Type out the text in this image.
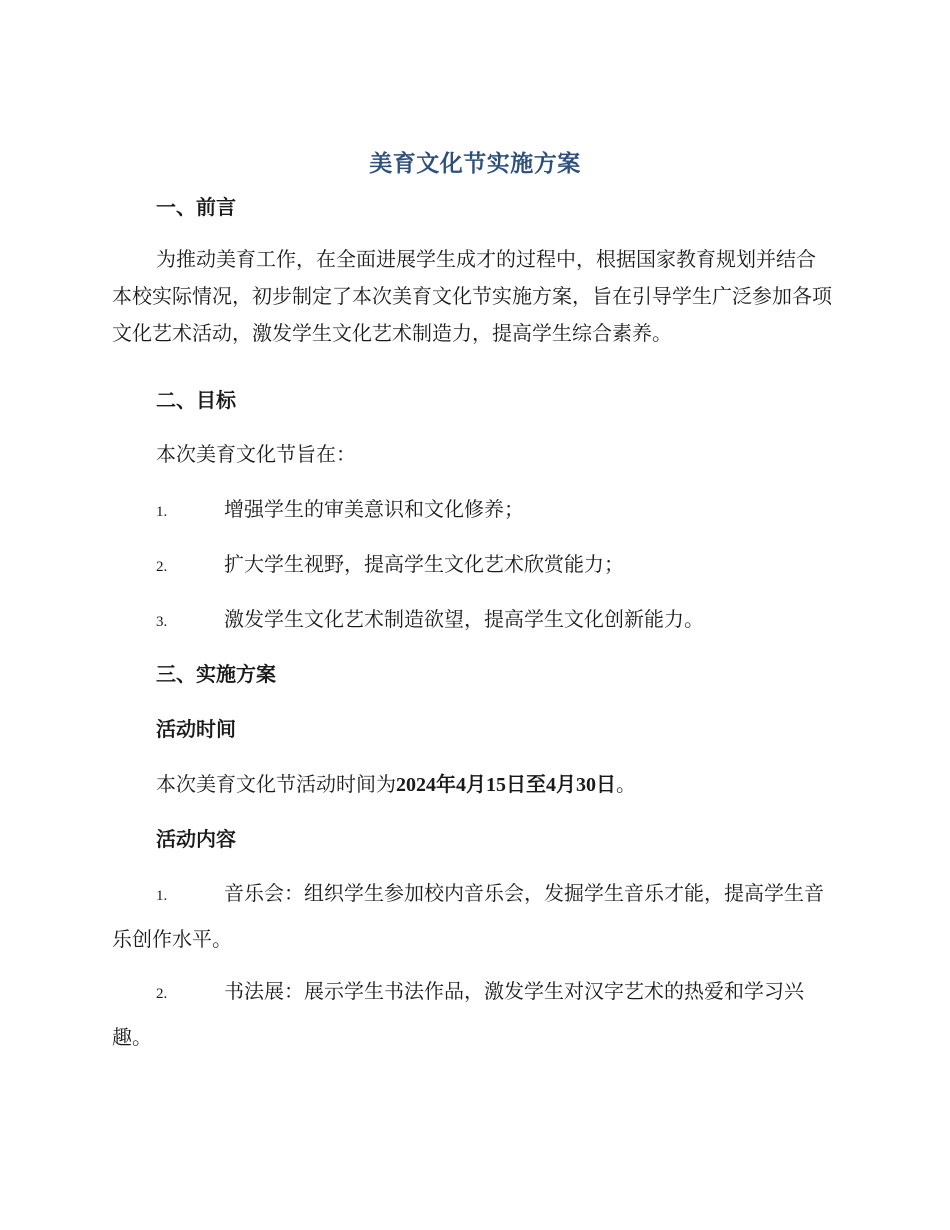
美育文化节实施方案
一、前言
为推动美育工作，在全面进展学生成才的过程中，根据国家教育规划并结合本校实际情况，初步制定了本次美育文化节实施方案，旨在引导学生广泛参加各项文化艺术活动，激发学生文化艺术制造力，提高学生综合素养。
二、目标
本次美育文化节旨在：
1.	增强学生的审美意识和文化修养；
2.	扩大学生视野，提高学生文化艺术欣赏能力；
3.	激发学生文化艺术制造欲望，提高学生文化创新能力。
三、实施方案
活动时间
本次美育文化节活动时间为2024年4月15日至4月30日。
活动内容
1.	音乐会：组织学生参加校内音乐会，发掘学生音乐才能，提高学生音乐创作水平。
2.	书法展：展示学生书法作品，激发学生对汉字艺术的热爱和学习兴趣。
